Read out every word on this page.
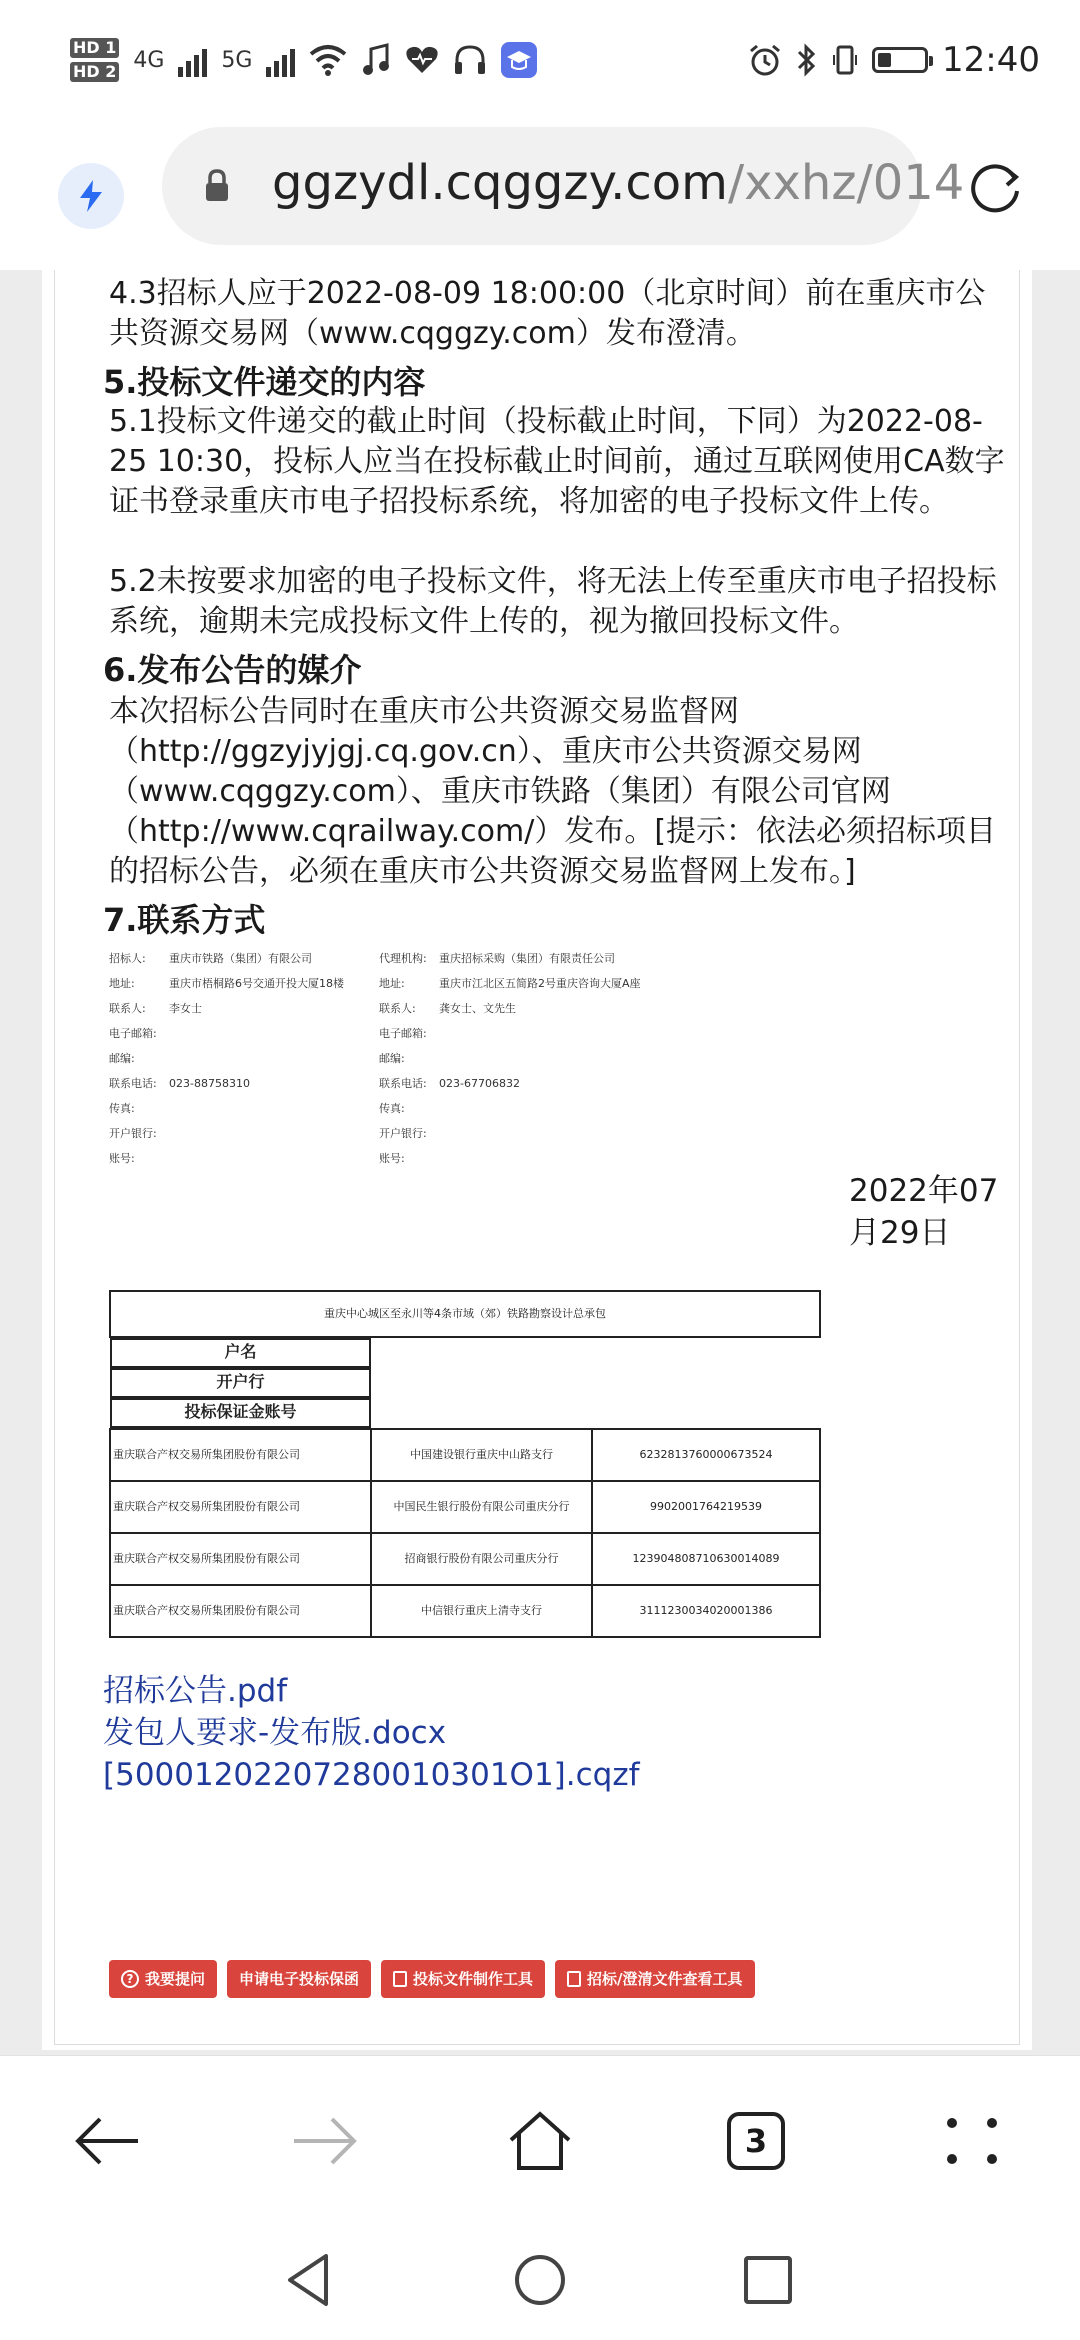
HD 1
HD 2 4G	5G	12:40
ggzydl.cqggzy.com/xxhz/014
4.3招标人应于2022-08-09 18:00:00（北京时间）前在重庆市公共资源交易网（www.cqggzy.com）发布澄清。
5.投标文件递交的内容
5.1投标文件递交的截止时间（投标截止时间，下同）为2022-08-25 10:30，投标人应当在投标截止时间前，通过互联网使用CA数字证书登录重庆市电子招投标系统，将加密的电子投标文件上传。
5.2未按要求加密的电子投标文件，将无法上传至重庆市电子招投标系统，逾期未完成投标文件上传的，视为撤回投标文件。
6.发布公告的媒介
本次招标公告同时在重庆市公共资源交易监督网（http://ggzyjyjgj.cq.gov.cn）、重庆市公共资源交易网（www.cqggzy.com）、重庆市铁路（集团）有限公司官网（http://www.cqrailway.com/）发布。[提示：依法必须招标项目的招标公告，必须在重庆市公共资源交易监督网上发布。]
7.联系方式
招标人:	重庆市铁路（集团）有限公司	代理机构:	重庆招标采购（集团）有限责任公司
地址:	重庆市梧桐路6号交通开投大厦18楼	地址:	重庆市江北区五简路2号重庆咨询大厦A座
联系人:	李女士	联系人:	龚女士、文先生
电子邮箱:	电子邮箱:
邮编:	邮编:
联系电话:	023-88758310	联系电话:	023-67706832
传真:	传真:
开户银行:	开户银行:
账号:	账号:
2022年07月29日
重庆中心城区至永川等4条市域（郊）铁路勘察设计总承包

户名
开户行
投标保证金账号
重庆联合产权交易所集团股份有限公司	中国建设银行重庆中山路支行	6232813760000673524
重庆联合产权交易所集团股份有限公司	中国民生银行股份有限公司重庆分行	9902001764219539
重庆联合产权交易所集团股份有限公司	招商银行股份有限公司重庆分行	123904808710630014089
重庆联合产权交易所集团股份有限公司	中信银行重庆上清寺支行	3111230034020001386
招标公告.pdf
发包人要求-发布版.docx
[50001202207280010301O1].cqzf
? 我要提问 申请电子投标保函	投标文件制作工具	招标/澄清文件查看工具
3
